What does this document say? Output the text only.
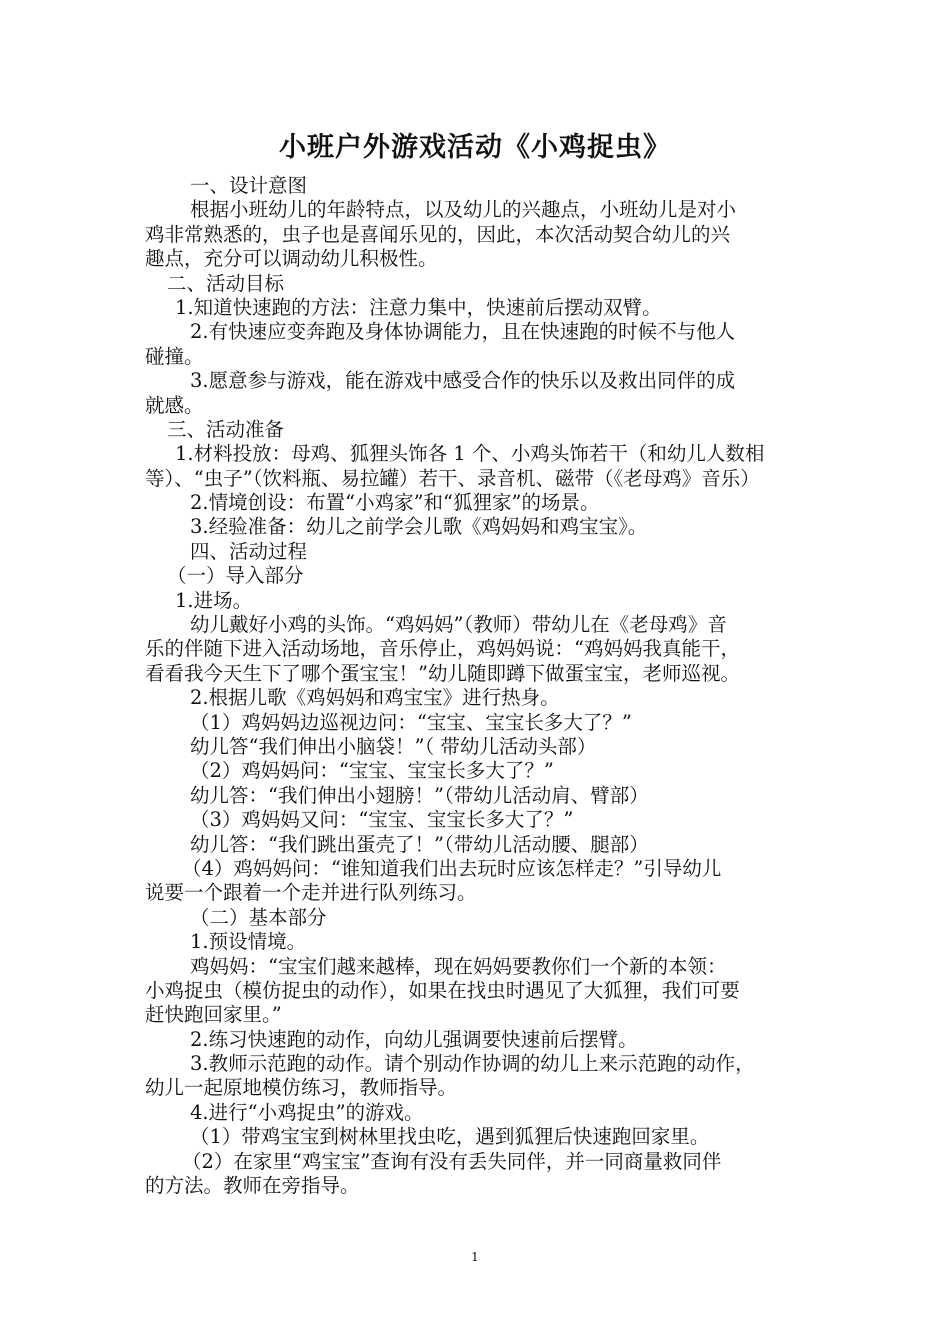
小班户外游戏活动《小鸡捉虫》
一、设计意图
根据小班幼儿的年龄特点，以及幼儿的兴趣点，小班幼儿是对小
鸡非常熟悉的，虫子也是喜闻乐见的，因此，本次活动契合幼儿的兴
趣点，充分可以调动幼儿积极性。
二、活动目标
1.知道快速跑的方法：注意力集中，快速前后摆动双臂。
2.有快速应变奔跑及身体协调能力，且在快速跑的时候不与他人
碰撞。
3.愿意参与游戏，能在游戏中感受合作的快乐以及救出同伴的成
就感。
三、活动准备
1.材料投放：母鸡、狐狸头饰各 1 个、小鸡头饰若干（和幼儿人数相
等）、“虫子”（饮料瓶、易拉罐）若干、录音机、磁带（《老母鸡》音乐）
2.情境创设：布置“小鸡家”和“狐狸家”的场景。
3.经验准备：幼儿之前学会儿歌《鸡妈妈和鸡宝宝》。
四、活动过程
（一）导入部分
1.进场。
幼儿戴好小鸡的头饰。“鸡妈妈”（教师）带幼儿在《老母鸡》音
乐的伴随下进入活动场地，音乐停止，鸡妈妈说：“鸡妈妈我真能干，
看看我今天生下了哪个蛋宝宝！”幼儿随即蹲下做蛋宝宝，老师巡视。
2.根据儿歌《鸡妈妈和鸡宝宝》进行热身。
（1）鸡妈妈边巡视边问：“宝宝、宝宝长多大了？”
幼儿答“我们伸出小脑袋！”（ 带幼儿活动头部）
（2）鸡妈妈问：“宝宝、宝宝长多大了？”
幼儿答：“我们伸出小翅膀！”（带幼儿活动肩、臂部）
（3）鸡妈妈又问：“宝宝、宝宝长多大了？”
幼儿答：“我们跳出蛋壳了！”（带幼儿活动腰、腿部）
（4）鸡妈妈问：“谁知道我们出去玩时应该怎样走？”引导幼儿
说要一个跟着一个走并进行队列练习。
（二）基本部分
1.预设情境。
鸡妈妈：“宝宝们越来越棒，现在妈妈要教你们一个新的本领：
小鸡捉虫（模仿捉虫的动作），如果在找虫时遇见了大狐狸，我们可要
赶快跑回家里。”
2.练习快速跑的动作，向幼儿强调要快速前后摆臂。
3.教师示范跑的动作。请个别动作协调的幼儿上来示范跑的动作，
幼儿一起原地模仿练习，教师指导。
4.进行“小鸡捉虫”的游戏。
（1）带鸡宝宝到树林里找虫吃，遇到狐狸后快速跑回家里。
（2）在家里“鸡宝宝”查询有没有丢失同伴，并一同商量救同伴
的方法。教师在旁指导。
1
